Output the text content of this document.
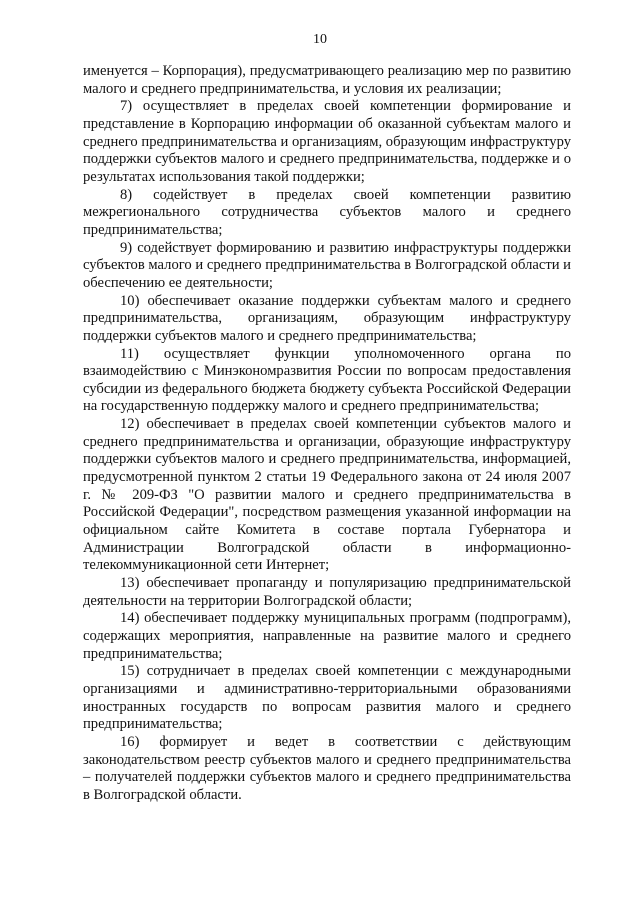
10

именуется – Корпорация), предусматривающего реализацию мер по развитию малого и среднего предпринимательства, и условия их реализации;

7) осуществляет в пределах своей компетенции формирование и представление в Корпорацию информации об оказанной субъектам малого и среднего предпринимательства и организациям, образующим инфраструктуру поддержки субъектов малого и среднего предпринимательства, поддержке и о результатах использования такой поддержки;

8) содействует в пределах своей компетенции развитию межрегионального сотрудничества субъектов малого и среднего предпринимательства;

9) содействует формированию и развитию инфраструктуры поддержки субъектов малого и среднего предпринимательства в Волгоградской области и обеспечению ее деятельности;

10) обеспечивает оказание поддержки субъектам малого и среднего предпринимательства, организациям, образующим инфраструктуру поддержки субъектов малого и среднего предпринимательства;

11) осуществляет функции уполномоченного органа по взаимодействию с Минэкономразвития России по вопросам предоставления субсидии из федерального бюджета бюджету субъекта Российской Федерации на государственную поддержку малого и среднего предпринимательства;

12) обеспечивает в пределах своей компетенции субъектов малого и среднего предпринимательства и организации, образующие инфраструктуру поддержки субъектов малого и среднего предпринимательства, информацией, предусмотренной пунктом 2 статьи 19 Федерального закона от 24 июля 2007 г. № 209-ФЗ "О развитии малого и среднего предпринимательства в Российской Федерации", посредством размещения указанной информации на официальном сайте Комитета в составе портала Губернатора и Администрации Волгоградской области в информационно-телекоммуникационной сети Интернет;

13) обеспечивает пропаганду и популяризацию предпринимательской деятельности на территории Волгоградской области;

14) обеспечивает поддержку муниципальных программ (подпрограмм), содержащих мероприятия, направленные на развитие малого и среднего предпринимательства;

15) сотрудничает в пределах своей компетенции с международными организациями и административно-территориальными образованиями иностранных государств по вопросам развития малого и среднего предпринимательства;

16) формирует и ведет в соответствии с действующим законодательством реестр субъектов малого и среднего предпринимательства – получателей поддержки субъектов малого и среднего предпринимательства в Волгоградской области.
